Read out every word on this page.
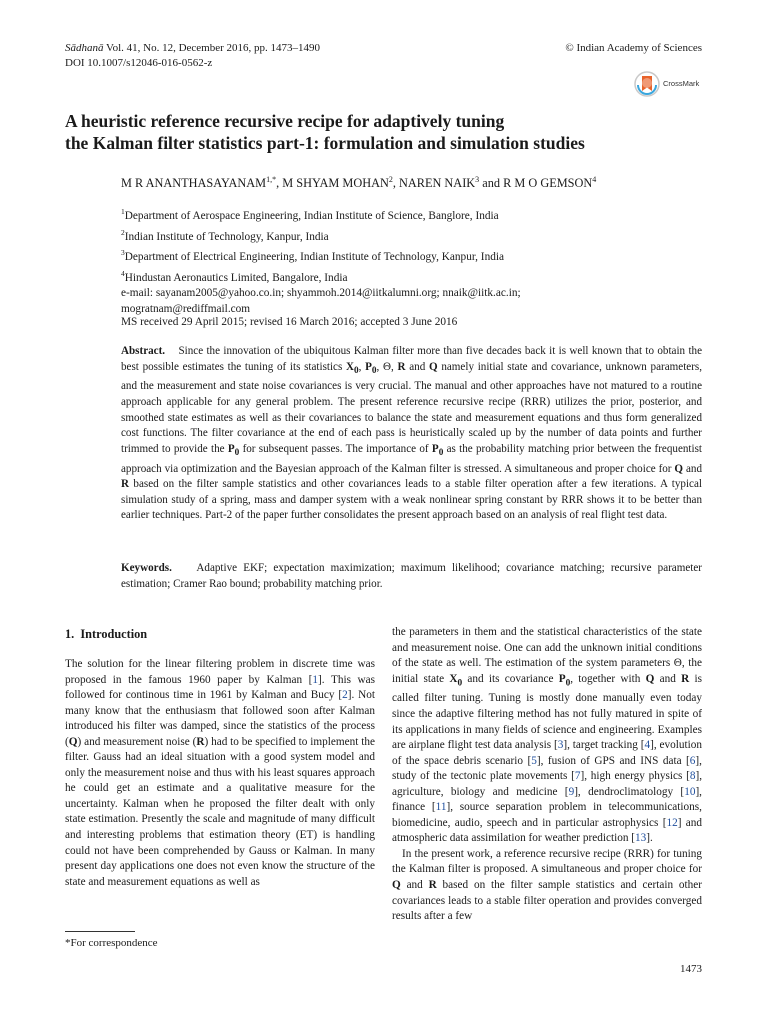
Sādhanā Vol. 41, No. 12, December 2016, pp. 1473–1490
DOI 10.1007/s12046-016-0562-z
© Indian Academy of Sciences
CrossMark
A heuristic reference recursive recipe for adaptively tuning
the Kalman filter statistics part-1: formulation and simulation studies
M R $ANANTHASAYANAM^{1,*}$, M SHYAM MOHAN$^2$, NAREN NAIK$^3$ and R M O GEMSON$^4$
$^1$Department of Aerospace Engineering, Indian Institute of Science, Banglore, India
$^2$Indian Institute of Technology, Kanpur, India
$^3$Department of Electrical Engineering, Indian Institute of Technology, Kanpur, India
$^4$Hindustan Aeronautics Limited, Bangalore, India
e-mail: sayanam2005@yahoo.co.in; shyammoh.2014@iitkalumni.org; nnaik@iitk.ac.in;
mogratnam@rediffmail.com
MS received 29 April 2015; revised 16 March 2016; accepted 3 June 2016
Abstract. Since the innovation of the ubiquitous Kalman filter more than five decades back it is well known that to obtain the best possible estimates the tuning of its statistics $X_0$, $P_0$, Θ, R and Q namely initial state and covariance, unknown parameters, and the measurement and state noise covariances is very crucial. The manual and other approaches have not matured to a routine approach applicable for any general problem. The present reference recursive recipe (RRR) utilizes the prior, posterior, and smoothed state estimates as well as their covariances to balance the state and measurement equations and thus form generalized cost functions. The filter covariance at the end of each pass is heuristically scaled up by the number of data points and further trimmed to provide the $P_0$ for subsequent passes. The importance of $P_0$ as the probability matching prior between the frequentist approach via optimization and the Bayesian approach of the Kalman filter is stressed. A simultaneous and proper choice for Q and R based on the filter sample statistics and other covariances leads to a stable filter operation after a few iterations. A typical simulation study of a spring, mass and damper system with a weak nonlinear spring constant by RRR shows it to be better than earlier techniques. Part-2 of the paper further consolidates the present approach based on an analysis of real flight test data.
Keywords. Adaptive EKF; expectation maximization; maximum likelihood; covariance matching; recursive parameter estimation; Cramer Rao bound; probability matching prior.
1. Introduction
The solution for the linear filtering problem in discrete time was proposed in the famous 1960 paper by Kalman [1]. This was followed for continous time in 1961 by Kalman and Bucy [2]. Not many know that the enthusiasm that followed soon after Kalman introduced his filter was damped, since the statistics of the process (Q) and measurement noise (R) had to be specified to implement the filter. Gauss had an ideal situation with a good system model and only the measurement noise and thus with his least squares approach he could get an estimate and a qualitative measure for the uncertainty. Kalman when he proposed the filter dealt with only state estimation. Presently the scale and magnitude of many difficult and interesting problems that estimation theory (ET) is handling could not have been comprehended by Gauss or Kalman. In many present day applications one does not even know the structure of the state and measurement equations as well as
the parameters in them and the statistical characteristics of the state and measurement noise. One can add the unknown initial conditions of the state as well. The estimation of the system parameters Θ, the initial state $X_0$ and its covariance $P_0$, together with Q and R is called filter tuning. Tuning is mostly done manually even today since the adaptive filtering method has not fully matured in spite of its applications in many fields of science and engineering. Examples are airplane flight test data analysis [3], target tracking [4], evolution of the space debris scenario [5], fusion of GPS and INS data [6], study of the tectonic plate movements [7], high energy physics [8], agriculture, biology and medicine [9], dendroclimatology [10], finance [11], source separation problem in telecommunications, biomedicine, audio, speech and in particular astrophysics [12] and atmospheric data assimilation for weather prediction [13].
In the present work, a reference recursive recipe (RRR) for tuning the Kalman filter is proposed. A simultaneous and proper choice for Q and R based on the filter sample statistics and certain other covariances leads to a stable filter operation and provides converged results after a few
*For correspondence
1473
